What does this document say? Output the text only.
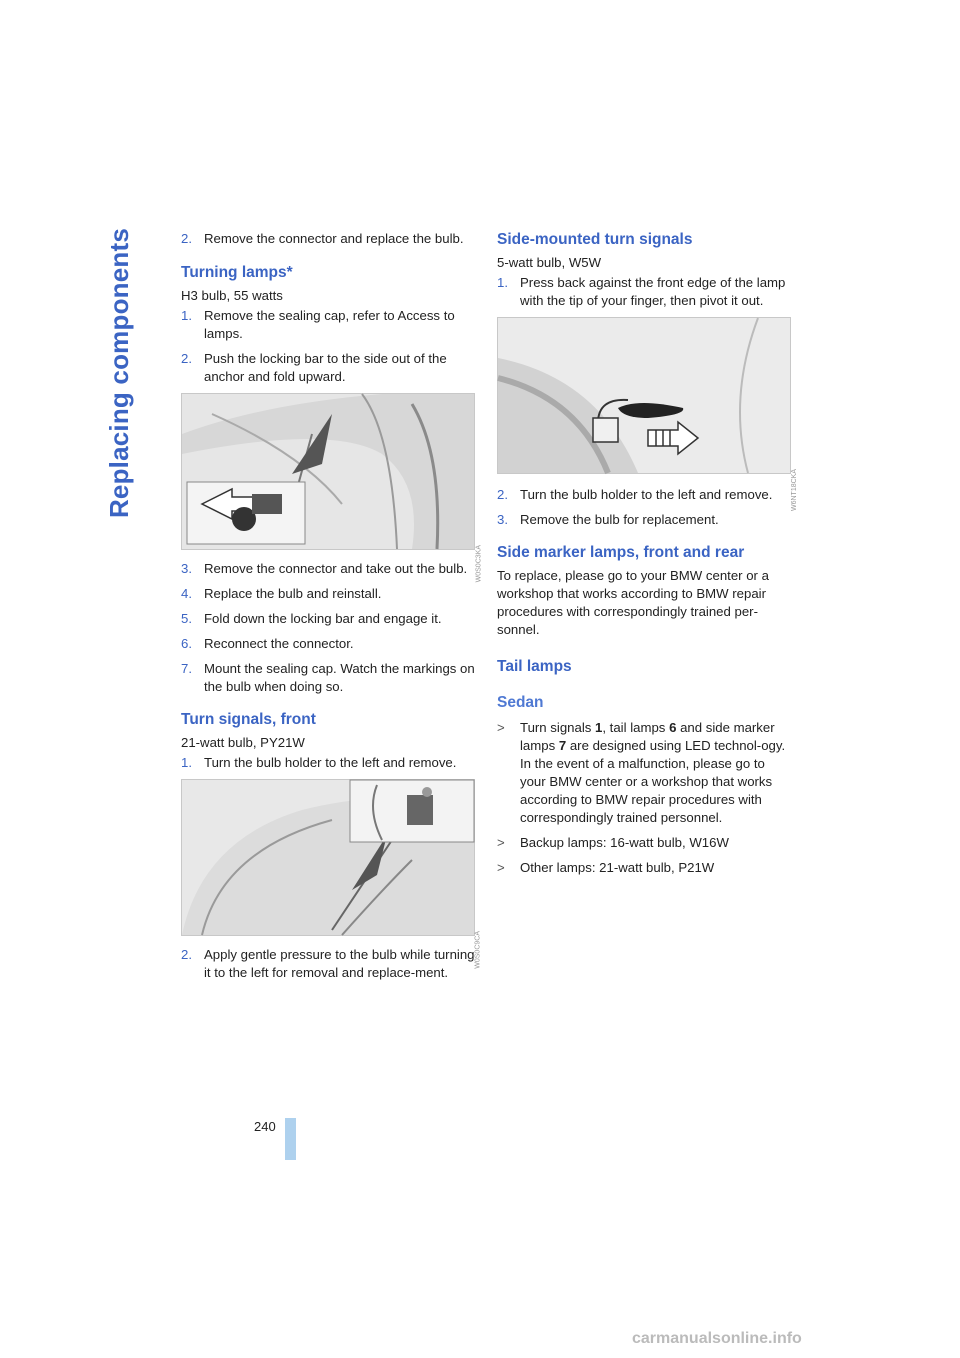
Replacing components	2. Remove the connector and replace the bulb.
Turning lamps*

H3 bulb, 55 watts

1. Remove the sealing cap, refer to Access to lamps.
2. Push the locking bar to the side out of the anchor and fold upward.
W0S0C3KA
3. Remove the connector and take out the bulb.
4. Replace the bulb and reinstall.
5. Fold down the locking bar and engage it.
6. Reconnect the connector.
7. Mount the sealing cap. Watch the markings on the bulb when doing so.
Turn signals, front

21-watt bulb, PY21W

1. Turn the bulb holder to the left and remove.
W0S0C9CA
2. Apply gentle pressure to the bulb while turning it to the left for removal and replace-ment.
Side-mounted turn signals

5-watt bulb, W5W

1. Press back against the front edge of the lamp with the tip of your finger, then pivot it out.
W6NT18CKA
2. Turn the bulb holder to the left and remove.
3. Remove the bulb for replacement.
Side marker lamps, front and rear

To replace, please go to your BMW center or a workshop that works according to BMW repair procedures with correspondingly trained per-sonnel.

Tail lamps
Sedan
> Turn signals 1, tail lamps 6 and side marker lamps 7 are designed using LED technol-ogy. In the event of a malfunction, please go to your BMW center or a workshop that works according to BMW repair procedures with correspondingly trained personnel.
> Backup lamps: 16-watt bulb, W16W
> Other lamps: 21-watt bulb, P21W
240
carmanualsonline.info
